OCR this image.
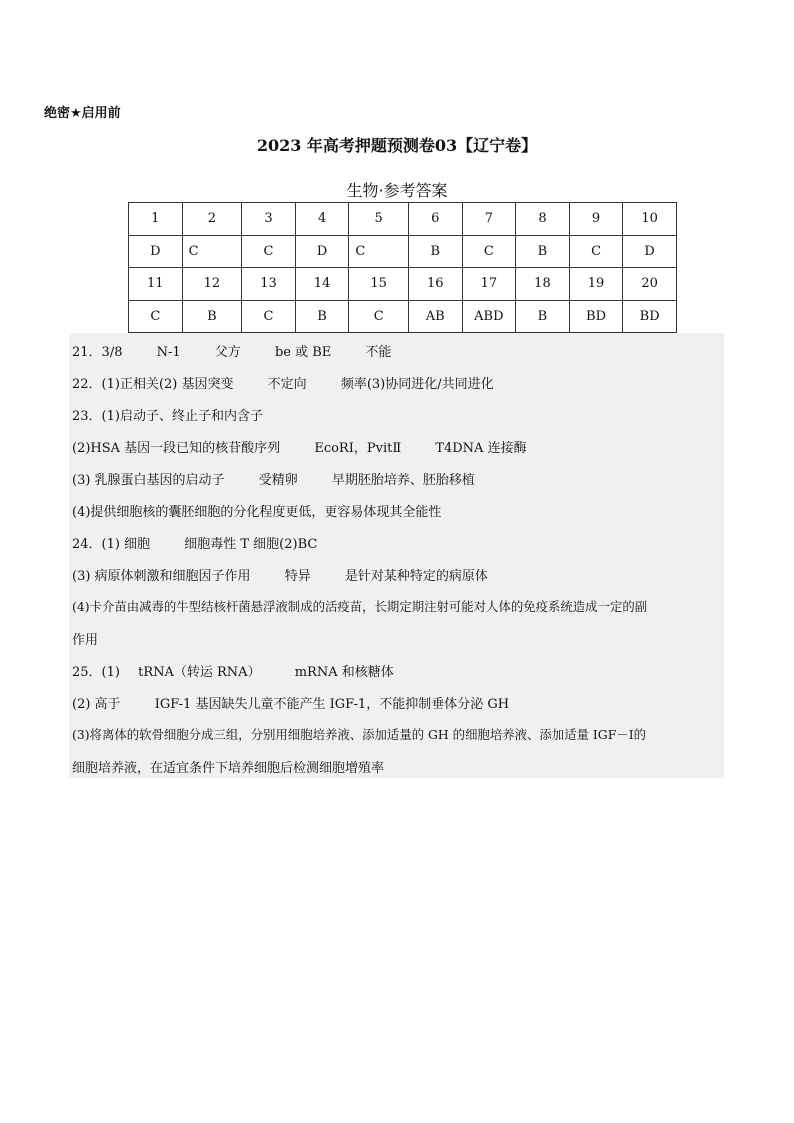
绝密★启用前
2023 年高考押题预测卷03【辽宁卷】
生物·参考答案
1	2	3	4	5	6	7	8	9	10
D	C	C	D	C	B	C	B	C	D
11	12	13	14	15	16	17	18	19	20
C	B	C	B	C	AB	ABD	B	BD	BD
21．3/8	N-1	父方	be 或 BE	不能
22．(1)正相关(2) 基因突变	不定向	频率(3)协同进化/共同进化
23．(1)启动子、终止子和内含子
(2)HSA 基因一段已知的核苷酸序列	EcoRI，PvitⅡ	T4DNA 连接酶
(3) 乳腺蛋白基因的启动子	受精卵	早期胚胎培养、胚胎移植
(4)提供细胞核的囊胚细胞的分化程度更低，更容易体现其全能性
24．(1) 细胞	细胞毒性 T 细胞(2)BC
(3) 病原体刺激和细胞因子作用	特异	是针对某种特定的病原体
(4)卡介苗由减毒的牛型结核杆菌悬浮液制成的活疫苗，长期定期注射可能对人体的免疫系统造成一定的副
作用
25．(1) tRNA（转运 RNA）	mRNA 和核糖体
(2) 高于	IGF-1 基因缺失儿童不能产生 IGF-1，不能抑制垂体分泌 GH
(3)将离体的软骨细胞分成三组，分别用细胞培养液、添加适量的 GH 的细胞培养液、添加适量 IGF－Ⅰ的
细胞培养液，在适宜条件下培养细胞后检测细胞增殖率
